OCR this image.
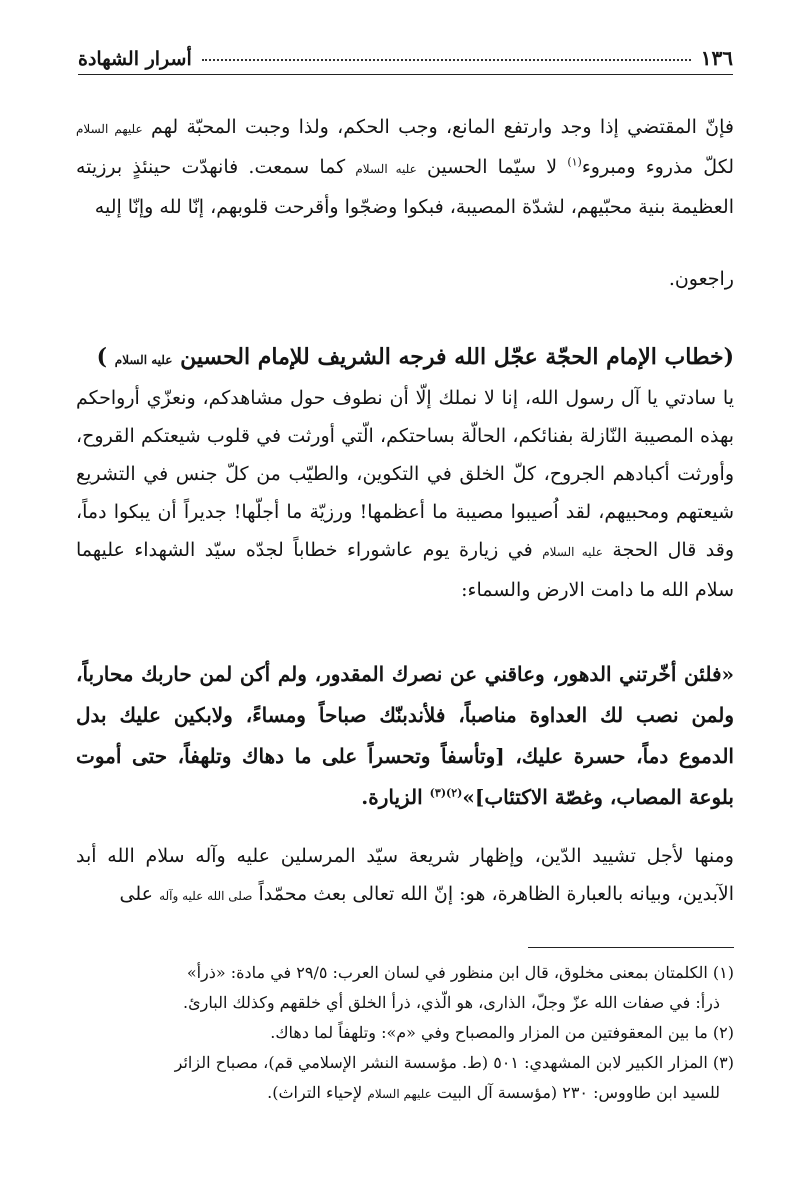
١٣٦
أسرار الشهادة

فإنّ المقتضي إذا وجد وارتفع المانع، وجب الحكم، ولذا وجبت المحبّة لهم عليهم السلام لكلّ مذروء ومبروء$^{(١)}$ لا سيّما الحسين عليه السلام كما سمعت. فانهدّت حينئذٍ برزيته العظيمة بنية محبّيهم، لشدّة المصيبة، فبكوا وضجّوا وأقرحت قلوبهم، إنّا لله وإنّا إليه

راجعون.

(خطاب الإمام الحجّة عجّل الله فرجه الشريف للإمام الحسين عليه السلام )

يا سادتي يا آل رسول الله، إنا لا نملك إلّا أن نطوف حول مشاهدكم، ونعزّي أرواحكم بهذه المصيبة النّازلة بفنائكم، الحالّة بساحتكم، الّتي أورثت في قلوب شيعتكم القروح، وأورثت أكبادهم الجروح، كلّ الخلق في التكوين، والطيّب من كلّ جنس في التشريع شيعتهم ومحبيهم، لقد اُصيبوا مصيبة ما أعظمها! ورزيّة ما أجلّها! جديراً أن يبكوا دماً، وقد قال الحجة عليه السلام في زيارة يوم عاشوراء خطاباً لجدّه سيّد الشهداء عليهما سلام الله ما دامت الارض والسماء:

«فلئن أخّرتني الدهور، وعاقني عن نصرك المقدور، ولم أكن لمن حاربك محارباً، ولمن نصب لك العداوة مناصباً، فلأندبنّك صباحاً ومساءً، ولابكين عليك بدل الدموع دماً، حسرة عليك، [وتأسفاً وتحسراً على ما دهاك وتلهفاً، حتى أموت بلوعة المصاب، وغصّة الاكتئاب]»$^{(٢)(٣)}$ الزيارة.

ومنها لأجل تشييد الدّين، وإظهار شريعة سيّد المرسلين عليه وآله سلام الله أبد الآبدين، وبيانه بالعبارة الظاهرة، هو: إنّ الله تعالى بعث محمّداً صلى الله عليه وآله على

(١) الكلمتان بمعنى مخلوق، قال ابن منظور في لسان العرب: ٢٩/٥ في مادة: «ذرأ»

ذرأ: في صفات الله عزّ وجلّ، الذارى، هو الّذي، ذرأ الخلق أي خلقهم وكذلك البارئ.

(٢) ما بين المعقوفتين من المزار والمصباح وفي «م»: وتلهفاً لما دهاك.

(٣) المزار الكبير لابن المشهدي: ٥٠١ (ط. مؤسسة النشر الإسلامي قم)، مصباح الزائر

للسيد ابن طاووس: ٢٣٠ (مؤسسة آل البيت عليهم السلام لإحياء التراث).
